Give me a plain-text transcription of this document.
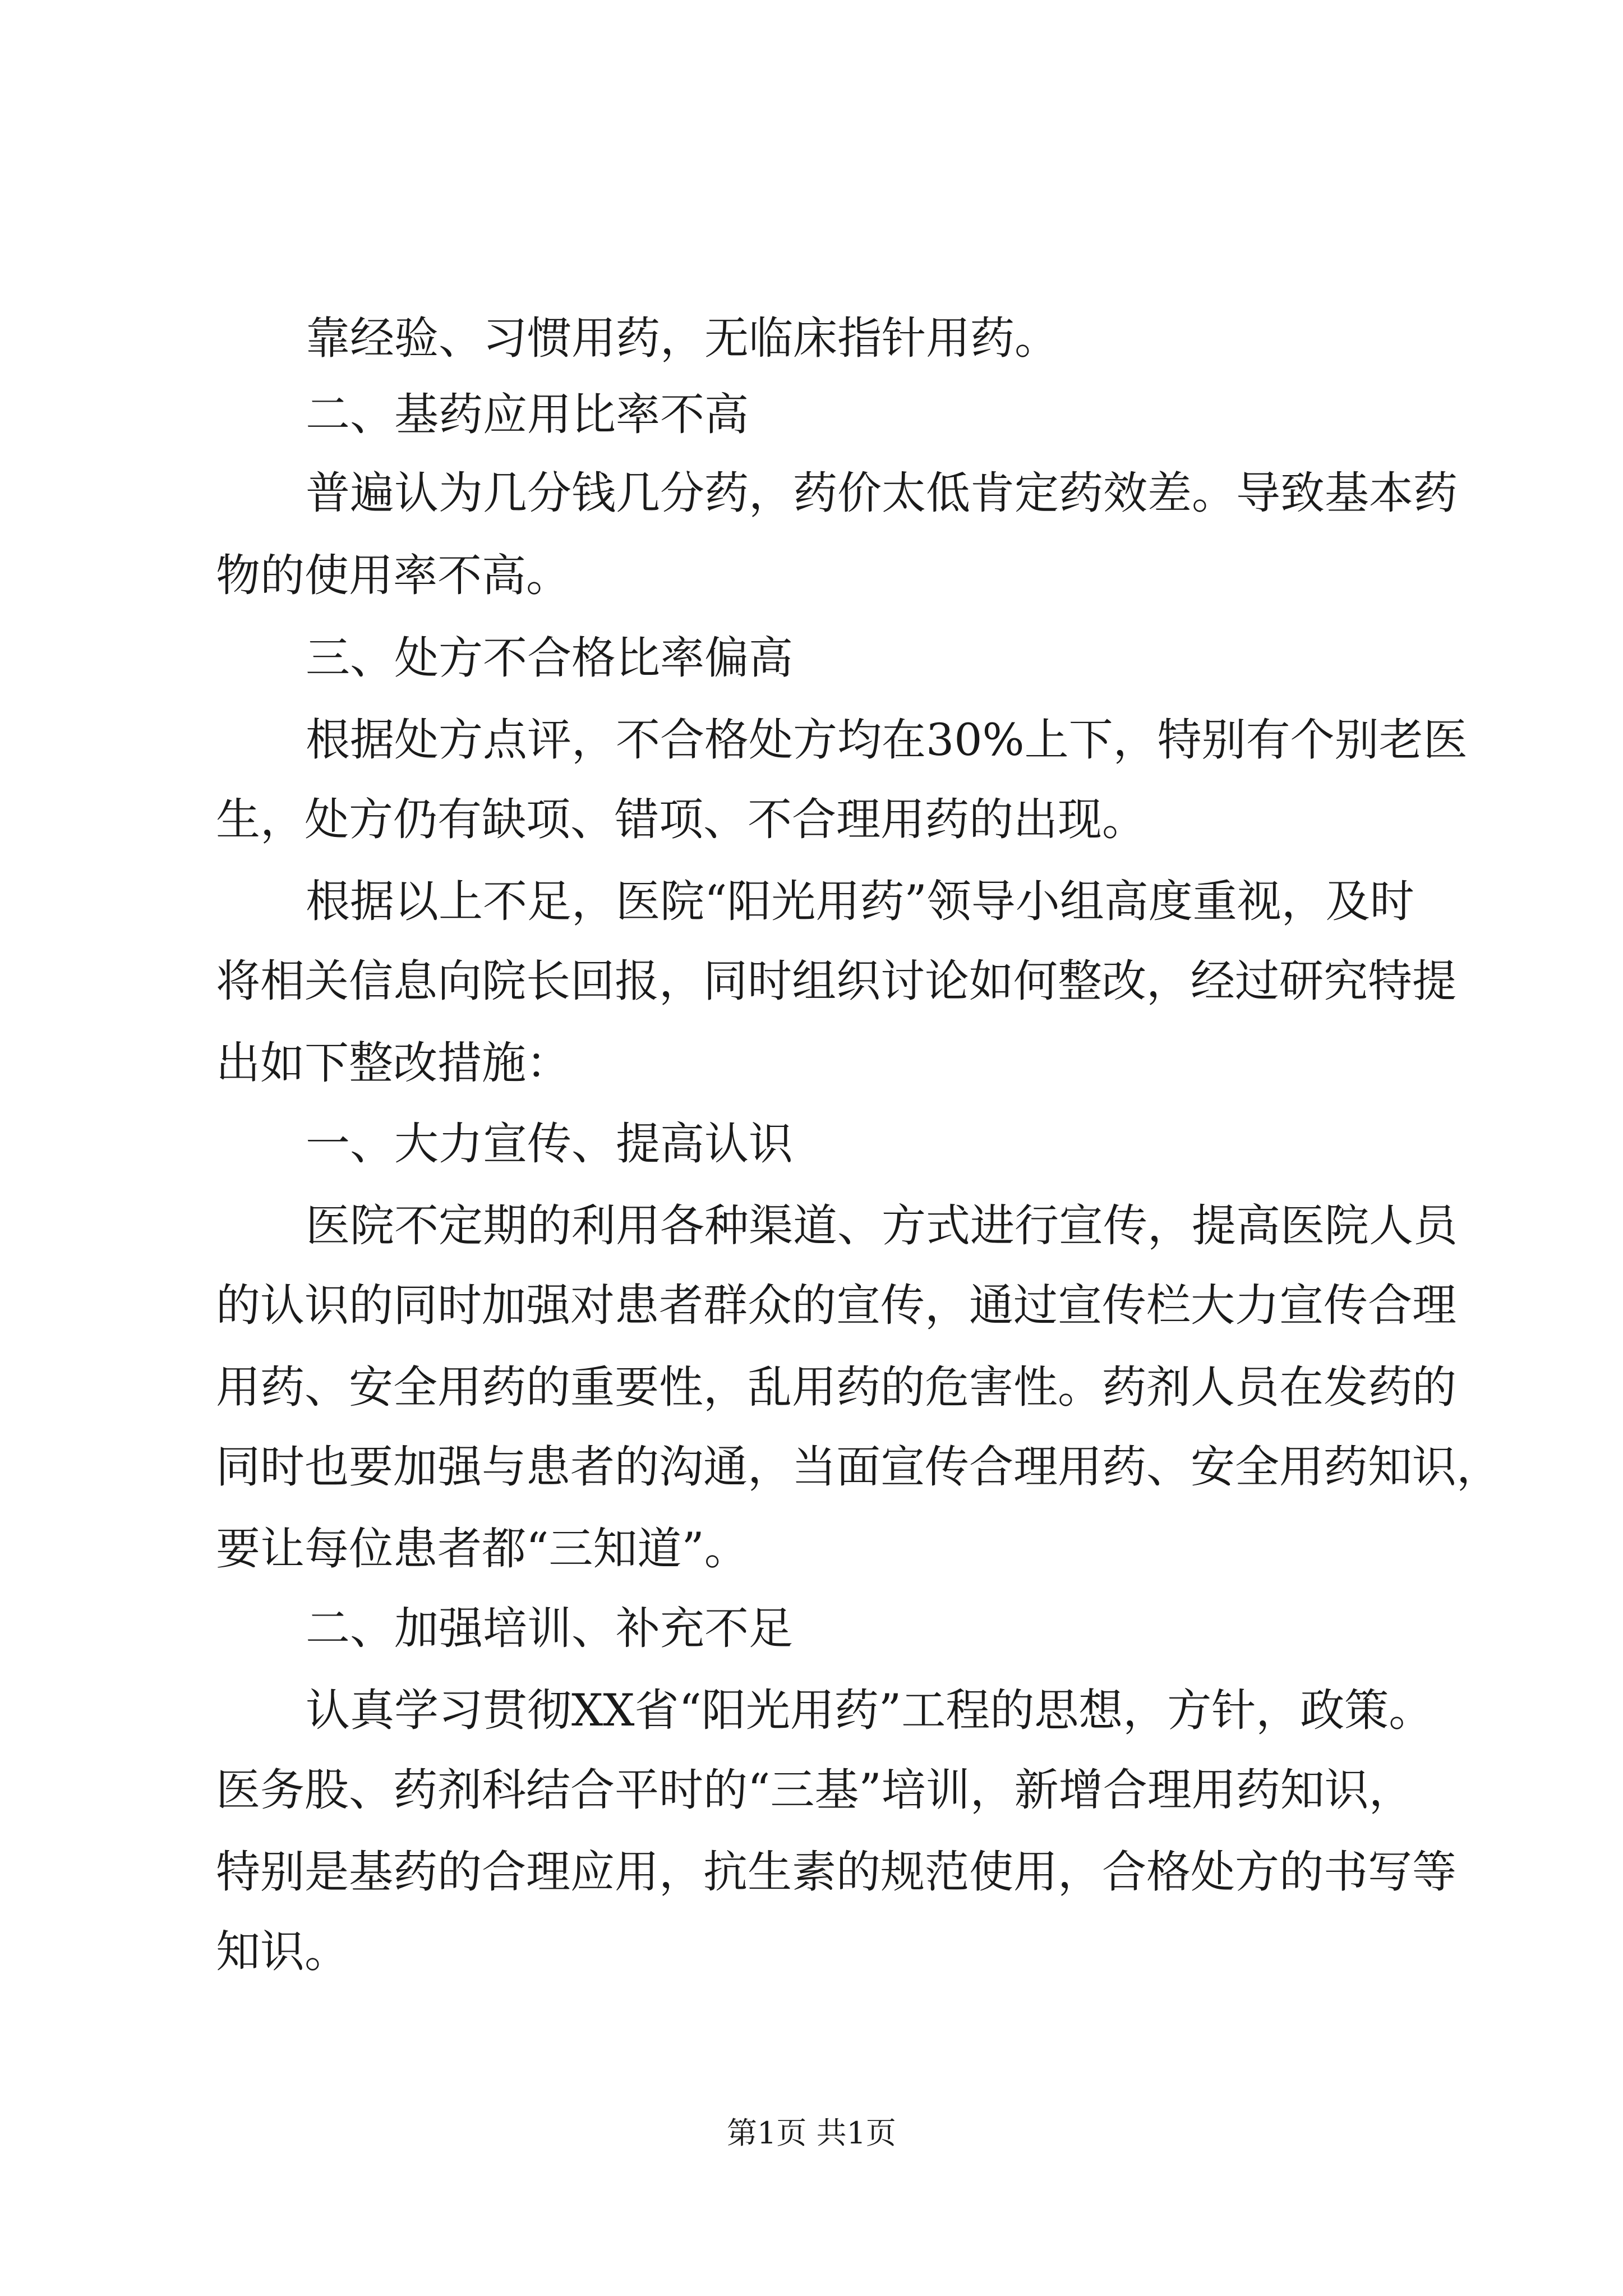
靠经验、习惯用药，无临床指针用药。

二、基药应用比率不高

普遍认为几分钱几分药，药价太低肯定药效差。导致基本药

物的使用率不高。

三、处方不合格比率偏高

根据处方点评，不合格处方均在30%上下，特别有个别老医

生，处方仍有缺项、错项、不合理用药的出现。

根据以上不足，医院“阳光用药”领导小组高度重视，及时

将相关信息向院长回报，同时组织讨论如何整改，经过研究特提

出如下整改措施：

一、大力宣传、提高认识

医院不定期的利用各种渠道、方式进行宣传，提高医院人员

的认识的同时加强对患者群众的宣传，通过宣传栏大力宣传合理

用药、安全用药的重要性，乱用药的危害性。药剂人员在发药的

同时也要加强与患者的沟通，当面宣传合理用药、安全用药知识，

要让每位患者都“三知道”。

二、加强培训、补充不足

认真学习贯彻XX省“阳光用药”工程的思想，方针，政策。

医务股、药剂科结合平时的“三基”培训，新增合理用药知识，

特别是基药的合理应用，抗生素的规范使用，合格处方的书写等

知识。

第1页 共1页
